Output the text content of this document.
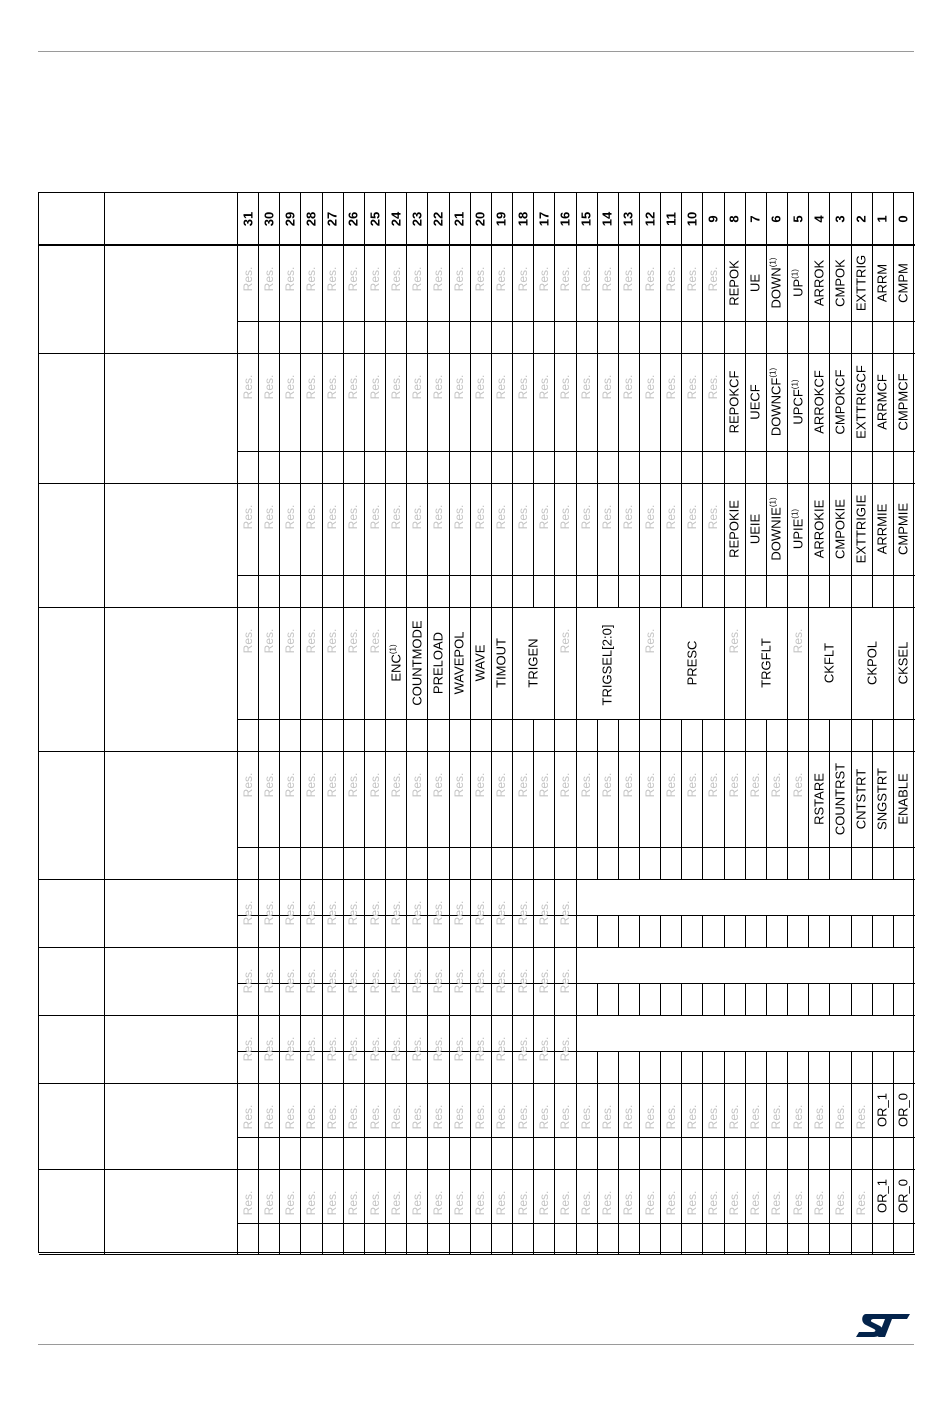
31 30 29 28 27 26 25 24 23 22 21 20 19 18 17 16 15 14 13 12 11 10 9 8 7 6 5 4 3 2 1 0
Res. Res. Res. Res. Res. Res. Res. Res. Res. Res. Res. Res. Res. Res. Res. Res. Res. Res. Res. Res. Res. Res. Res. REPOK UE DOWN$^{(1)}$
UP$^{(1)}$ ARROK CMPOK EXTTRIG ARRM CMPM
Res. Res. Res. Res. Res. Res. Res. Res. Res. Res. Res. Res. Res. Res. Res. Res. Res. Res. Res. Res. Res. Res. Res. REPOKCF UECF DOWNCF$^{(1)}$
UPCF$^{(1)}$ ARROKCF CMPOKCF EXTTRIGCF ARRMCF CMPMCF
Res. Res. Res. Res. Res. Res. Res. Res. Res. Res. Res. Res. Res. Res. Res. Res. Res. Res. Res. Res. Res. Res. Res. REPOKIE UEIE DOWNIE$^{(1)}$
UPIE$^{(1)}$ ARROKIE CMPOKIE EXTTRIGIE ARRMIE CMPMIE
Res. Res. Res. Res. Res. Res. Res.
ENC$^{(1)}$ COUNTMODE PRELOAD WAVEPOL WAVE TIMOUT TRIGEN Res. TRIGSEL[2:0] Res. PRESC Res. TRGFLT Res.
CKFLT CKPOL CKSEL
Res. Res. Res. Res. Res. Res. Res. Res. Res. Res. Res. Res. Res. Res. Res. Res. Res. Res. Res. Res. Res. Res. Res. Res. Res. Res. Res. RSTARE COUNTRST CNTSTRT SNGSTRT ENABLE
Res. Res. Res. Res. Res. Res. Res. Res. Res. Res. Res. Res. Res. Res. Res. Res.
Res. Res. Res. Res. Res. Res. Res. Res. Res. Res. Res. Res. Res. Res. Res. Res.
Res. Res. Res. Res. Res. Res. Res. Res. Res. Res. Res. Res. Res. Res. Res. Res.
Res. Res. Res. Res. Res. Res. Res. Res. Res. Res. Res. Res. Res. Res. Res. Res. Res. Res. Res. Res. Res. Res. Res. Res. Res. Res. Res. Res. Res. Res. OR_1 OR_0
Res. Res. Res. Res. Res. Res. Res. Res. Res. Res. Res. Res. Res. Res. Res. Res. Res. Res. Res. Res. Res. Res. Res. Res. Res. Res. Res. Res. Res. Res. OR_1 OR_0
